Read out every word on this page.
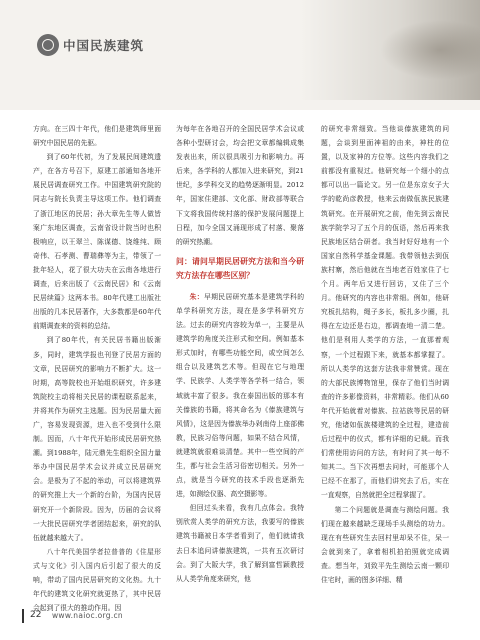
中国民族建筑

方向。在三四十年代，他们是建筑师里面研究中国民居的先驱。

到了60年代初，为了发展民间建筑遗产，在各方号召下，原建工部通知各地开展民居调查研究工作。中国建筑研究院的同志与院长负责主导这项工作。他们调查了浙江地区的民居；孙大章先生等人做皆案广东地区调查，云南省设计院当时也积极响应，以王翠兰、陈谋德、饶维纯、顾奇伟、石孝测、曹瑞彝等为主，带领了一批年轻人，花了很大功夫在云南各地进行调查，后来出版了《云南民居》和《云南民居续篇》这两本书。80年代建工出版社出版的几本民居著作，大多数都是60年代前期调查来的资料的总结。

到了80年代，有关民居书籍出版渐多，同时，建筑学报也刊登了民居方面的文章，民居研究的影响力不断扩大。这一时期，高等院校也开始组织研究，许多建筑院校主动将相关民居的课程联系起来，并将其作为研究主选题。因为民居量大面广，容易发现资源，进入也不受到什么限制。因而，八十年代开始形成民居研究热潮。到1988年，陆元鼎先生组织全国力量举办中国民居学术会议并成立民居研究会。是极为了不起的举动，可以将建筑界的研究推上大一个新的台阶，为国内民居研究开一个新阶段。因为，历届的会议将一大批民居研究学者团结起来，研究的队伍就越来越大了。

八十年代美国学者拉普普的《住屋形式与文化》引入国内后引起了很大的反响，带动了国内民居研究的文化热。九十年代的建筑文化研究就更热了，其中民居会起到了很大的推动作用。因

为每年在各地召开的全国民居学术会议或各种小型研讨会，均会把文章都编辑成集发表出来，所以很具吸引力和影响力。再后来，各学科的人都加入进来研究，到21世纪，多学科交叉的趋势逐渐明显。2012年，国家住建部、文化部、财政部等联合下文将我国传统村落的保护发展问题提上日程，加今全国又涌现形成了村落、聚落的研究热潮。

问：请问早期民居研究方法和当今研究方法存在哪些区别？

朱：早期民居研究基本是建筑学科的单学科研究方法，现在是多学科研究方法。过去的研究内容较为单一，主要是从建筑学的角度关注形式和空间。例如基本形式加时，有哪些功能空间，或空间怎么组合以及建筑艺术等。但现在它与地理学、民族学、人类学等各学科一结合，领域就丰富了很多。我在泰国出版的那本有关傣族的书籍，将其命名为《傣族建筑与风情》，这是因为傣族举办剁南侍上座部佛教，民族习俗等问题，如果不结合风情，就建筑就很难谈清楚。其中一些空间的产生，都与社会生活习俗密切相关。另外一点，就是当今研究的技术手段也逐渐先进，如测绘仪器、高空摄影等。

但回过头来看，我有几点体会。我特别欣赏人类学的研究方法，我要写的傣族建筑书籍被日本学者看到了，他们就请我去日本追问讲傣族建筑，一共有五次研讨会。到了大阪大学，我了解到富哲颖教授从人类学角度来研究，他

的研究非常细致。当他谈傣族建筑的问题，会谈到里面神祖的由来，神柱的位置，以及家神的方位等。这些内容我们之前都没有重视过。他研究每一个细小的点都可以出一篇论文。另一位是东京女子大学的乾尚彦教授，他来云南做佤族民族建筑研究。在开展研究之前，他先到云南民族学院学习了五个月的佤语，然后再来我民族地区结合研者。我当时好好地有一个国家自然科学基金课题。我带领他去到佤族村寨，然后他就在当地老百姓家住了七个月。两年后又进行回访，又住了三个月。他研究的内容也非常细。例如，他研究板扎结构，绳子多长，板扎多少圈，扎得在左边还是右边，都调查地一清二楚。他们是利用人类学的方法，一直那着观察，一个过程跟下来，就基本都掌握了。所以人类学的这套方法我非常赞赏。现在的大部民族博物馆里，保存了他们当时调查的许多影像资料，非常精彩。他们从60年代开始就着对傣族、拉祜族等民居的研究，他诸如佤族楼建筑的全过程，建造前后过程中的仪式，都有详细的记载。而我们常使用访问的方法，有时问了其一每不知其二。当下次再想去问时，可能那个人已经不在那了，而他们讲究去了后，实在一直观察，自然就把全过程掌握了。

第二个问题就是调查与测绘问题。我们现在越来越缺乏现场手头测绘的功力。现在有些研究生去回村里却呆不住，呆一会就到来了，拿着相机拍拍照就完成调查。想当年，刘致平先生测绘云南一颗印住宅时，画的图多详细、精

22 www.naioc.org.cn
